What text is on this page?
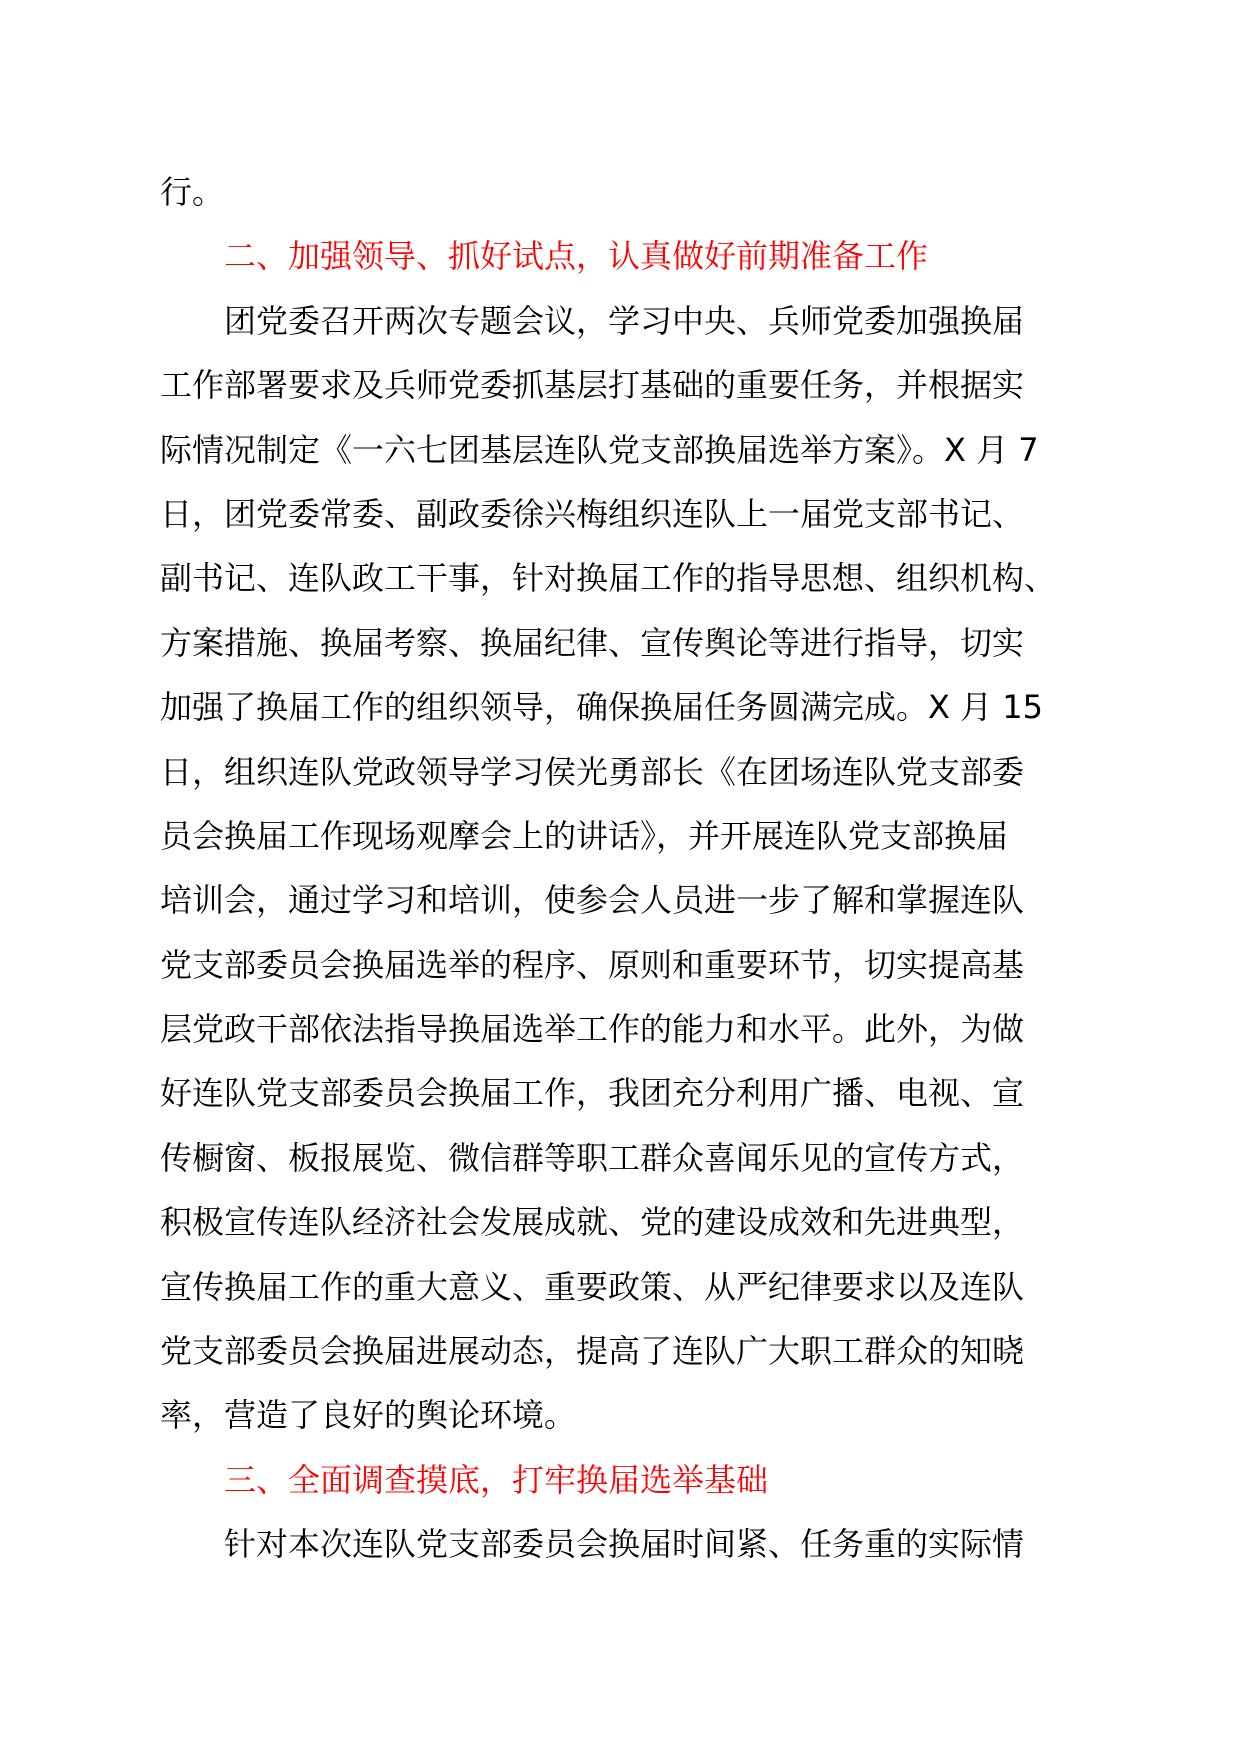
行。
二、加强领导、抓好试点，认真做好前期准备工作
团党委召开两次专题会议，学习中央、兵师党委加强换届
工作部署要求及兵师党委抓基层打基础的重要任务，并根据实
际情况制定《一六七团基层连队党支部换届选举方案》。X 月 7
日，团党委常委、副政委徐兴梅组织连队上一届党支部书记、
副书记、连队政工干事，针对换届工作的指导思想、组织机构、
方案措施、换届考察、换届纪律、宣传舆论等进行指导，切实
加强了换届工作的组织领导，确保换届任务圆满完成。X 月 15
日，组织连队党政领导学习侯光勇部长《在团场连队党支部委
员会换届工作现场观摩会上的讲话》，并开展连队党支部换届
培训会，通过学习和培训，使参会人员进一步了解和掌握连队
党支部委员会换届选举的程序、原则和重要环节，切实提高基
层党政干部依法指导换届选举工作的能力和水平。此外，为做
好连队党支部委员会换届工作，我团充分利用广播、电视、宣
传橱窗、板报展览、微信群等职工群众喜闻乐见的宣传方式，
积极宣传连队经济社会发展成就、党的建设成效和先进典型，
宣传换届工作的重大意义、重要政策、从严纪律要求以及连队
党支部委员会换届进展动态，提高了连队广大职工群众的知晓
率，营造了良好的舆论环境。
三、全面调查摸底，打牢换届选举基础
针对本次连队党支部委员会换届时间紧、任务重的实际情
